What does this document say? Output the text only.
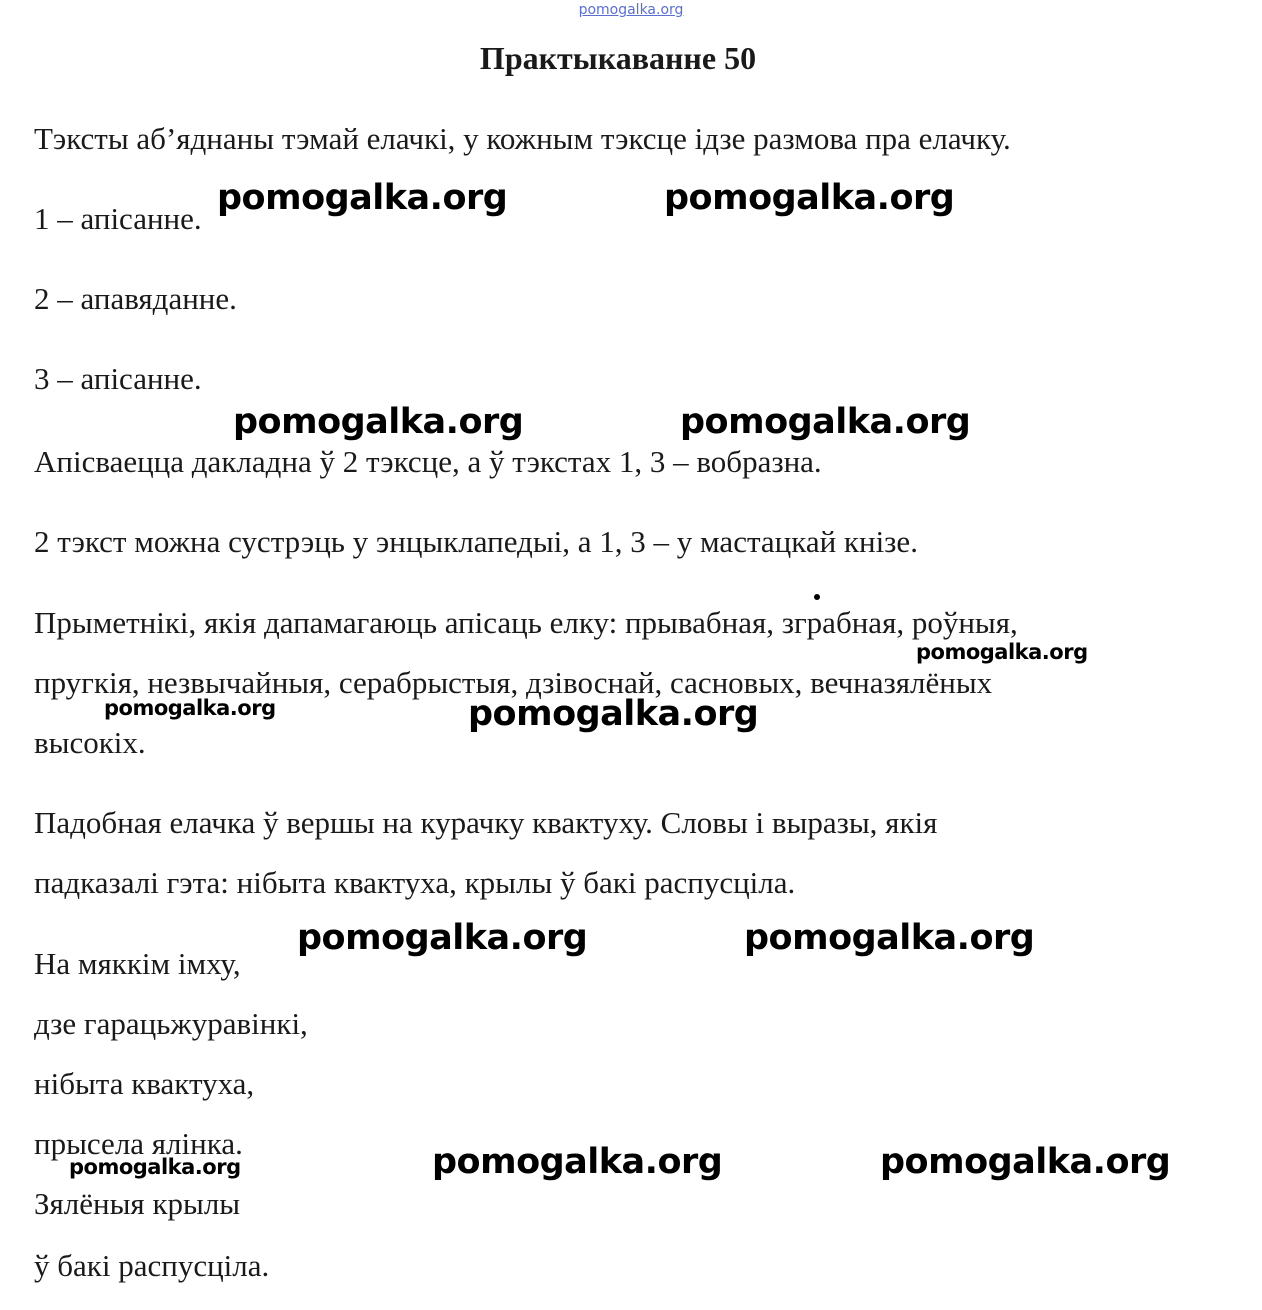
pomogalka.org
Практыкаванне 50

Тэксты аб’яднаны тэмай елачкі, у кожным тэксце ідзе размова пра елачку.

1 – апісанне.

2 – апавяданне.

3 – апісанне.

Апісваецца дакладна ў 2 тэксце, а ў тэкстах 1, 3 – вобразна.

2 тэкст можна сустрэць у энцыклапедыі, а 1, 3 – у мастацкай кнізе.

Прыметнікі, якія дапамагаюць апісаць елку: прывабная, зграбная, роўныя,

пругкія, незвычайныя, серабрыстыя, дзівоснай, сасновых, вечназялёных

высокіх.

Падобная елачка ў вершы на курачку квактуху. Словы і выразы, якія

падказалі гэта: нібыта квактуха, крылы ў бакі распусціла.

На мяккім імху,

дзе гарацьжуравінкі,

нібыта квактуха,

прысела ялінка.

Зялёныя крылы

ў бакі распусціла.

pomogalka.org	pomogalka.org
pomogalka.org	pomogalka.org
pomogalka.org
pomogalka.org	pomogalka.org
pomogalka.org	pomogalka.org
pomogalka.org	pomogalka.org	pomogalka.org
